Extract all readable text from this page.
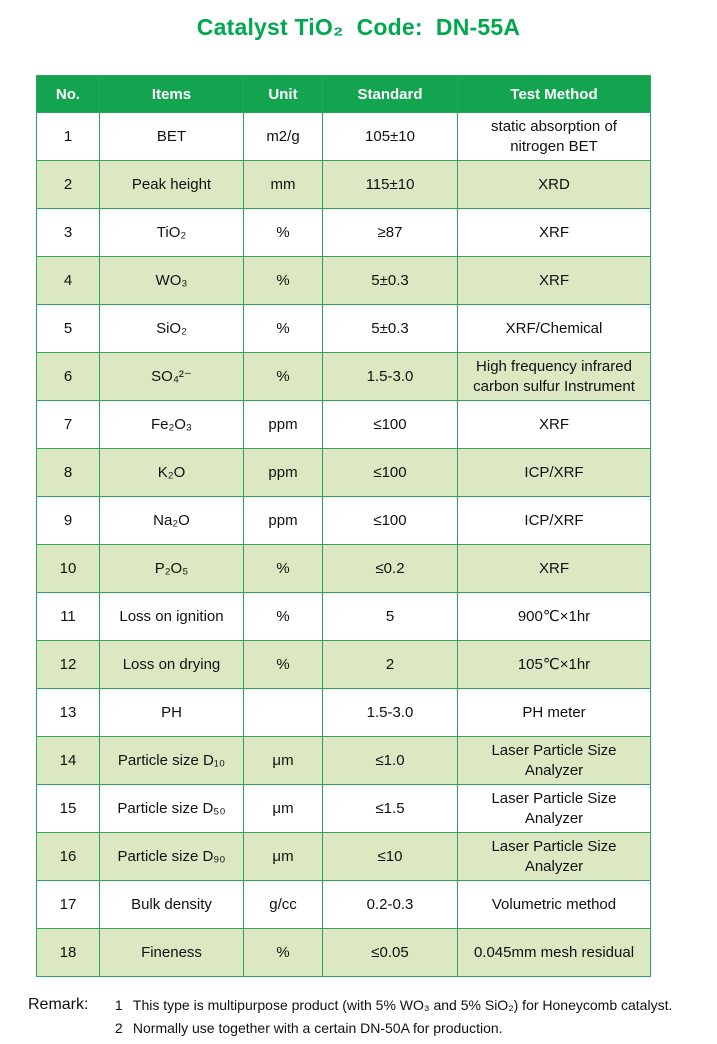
Catalyst TiO₂  Code:  DN-55A
No.	Items	Unit	Standard	Test Method
1	BET	m2/g	105±10	static absorption of nitrogen BET
2	Peak height	mm	115±10	XRD
3	TiO₂	%	≥87	XRF
4	WO₃	%	5±0.3	XRF
5	SiO₂	%	5±0.3	XRF/Chemical
6	SO₄²⁻	%	1.5-3.0	High frequency infrared carbon sulfur Instrument
7	Fe₂O₃	ppm	≤100	XRF
8	K₂O	ppm	≤100	ICP/XRF
9	Na₂O	ppm	≤100	ICP/XRF
10	P₂O₅	%	≤0.2	XRF
11	Loss on ignition	%	5	900℃×1hr
12	Loss on drying	%	2	105℃×1hr
13	PH		1.5-3.0	PH meter
14	Particle size D₁₀	μm	≤1.0	Laser Particle Size Analyzer
15	Particle size D₅₀	μm	≤1.5	Laser Particle Size Analyzer
16	Particle size D₉₀	μm	≤10	Laser Particle Size Analyzer
17	Bulk density	g/cc	0.2-0.3	Volumetric method
18	Fineness	%	≤0.05	0.045mm mesh residual
Remark: 1 This type is multipurpose product (with 5% WO₃ and 5% SiO₂) for Honeycomb catalyst.
2 Normally use together with a certain DN-50A for production.
